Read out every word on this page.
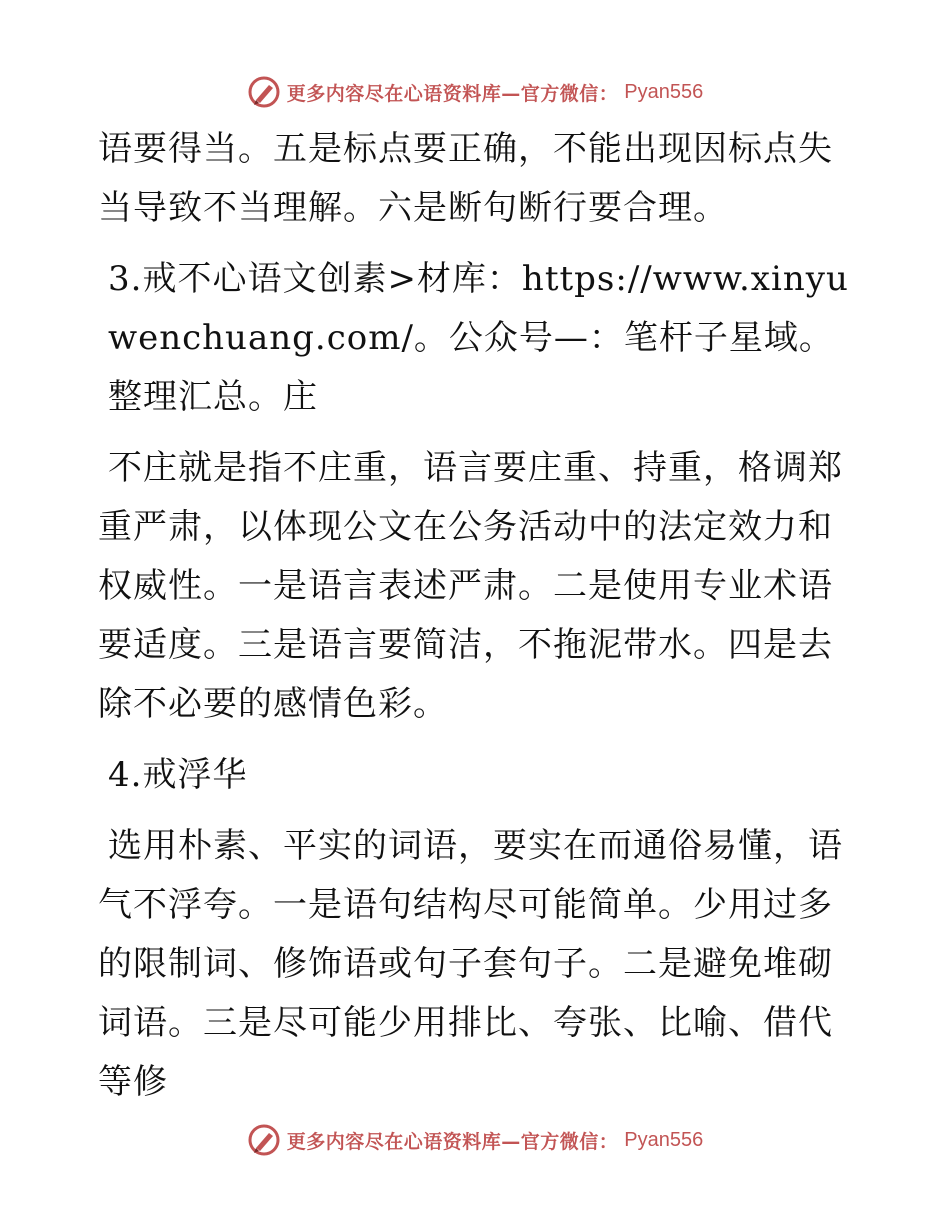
更多内容尽在心语资料库—官方微信： Pyan556

语要得当。五是标点要正确，不能出现因标点失当导致不当理解。六是断句断行要合理。

3.戒不心语文创素>材库：https://www.xinyuwenchuang.com/。公众号—：笔杆子星域。整理汇总。庄

不庄就是指不庄重，语言要庄重、持重，格调郑重严肃，以体现公文在公务活动中的法定效力和权威性。一是语言表述严肃。二是使用专业术语要适度。三是语言要简洁，不拖泥带水。四是去除不必要的感情色彩。

4.戒浮华

选用朴素、平实的词语，要实在而通俗易懂，语气不浮夸。一是语句结构尽可能简单。少用过多的限制词、修饰语或句子套句子。二是避免堆砌词语。三是尽可能少用排比、夸张、比喻、借代等修

更多内容尽在心语资料库—官方微信： Pyan556
